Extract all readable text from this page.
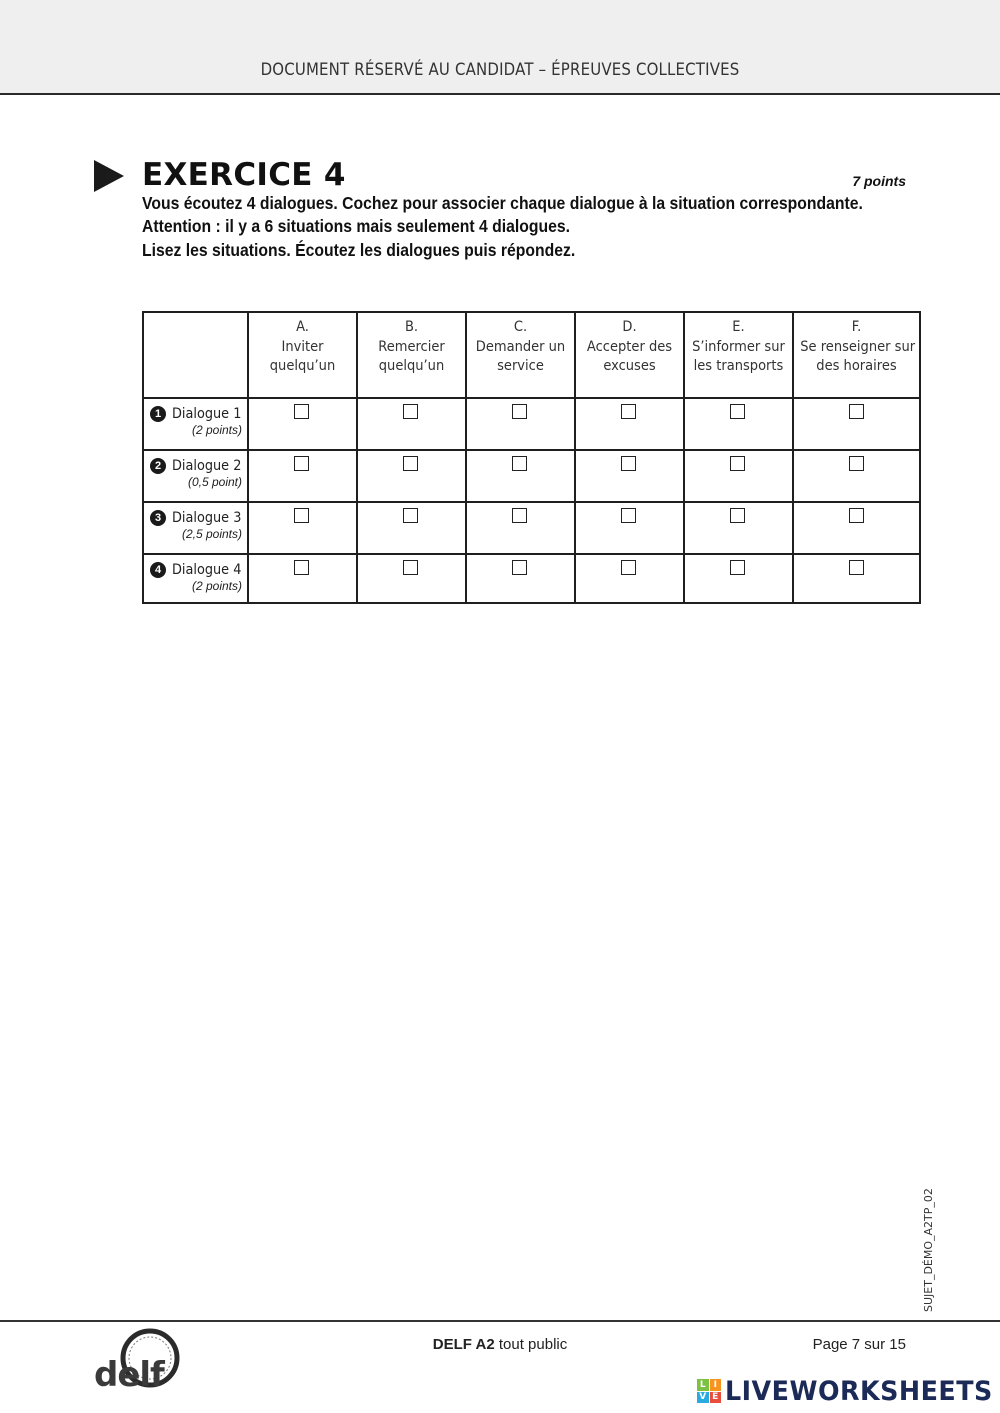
DOCUMENT RÉSERVÉ AU CANDIDAT – ÉPREUVES COLLECTIVES
EXERCICE 4	7 points
Vous écoutez 4 dialogues. Cochez pour associer chaque dialogue à la situation correspondante.
Attention : il y a 6 situations mais seulement 4 dialogues.
Lisez les situations. Écoutez les dialogues puis répondez.
A.
Inviter
quelqu’un
B.
Remercier
quelqu’un
C.
Demander un
service
D.
Accepter des
excuses
E.
S’informer sur
les transports
F.
Se renseigner sur
des horaires
1 Dialogue 1
(2 points)
2 Dialogue 2
(0,5 point)
3 Dialogue 3
(2,5 points)
4 Dialogue 4
(2 points)
SUJET_DÉMO_A2TP_02
delf
DELF A2 tout public	Page 7 sur 15
L I
V E LIVEWORKSHEETS
